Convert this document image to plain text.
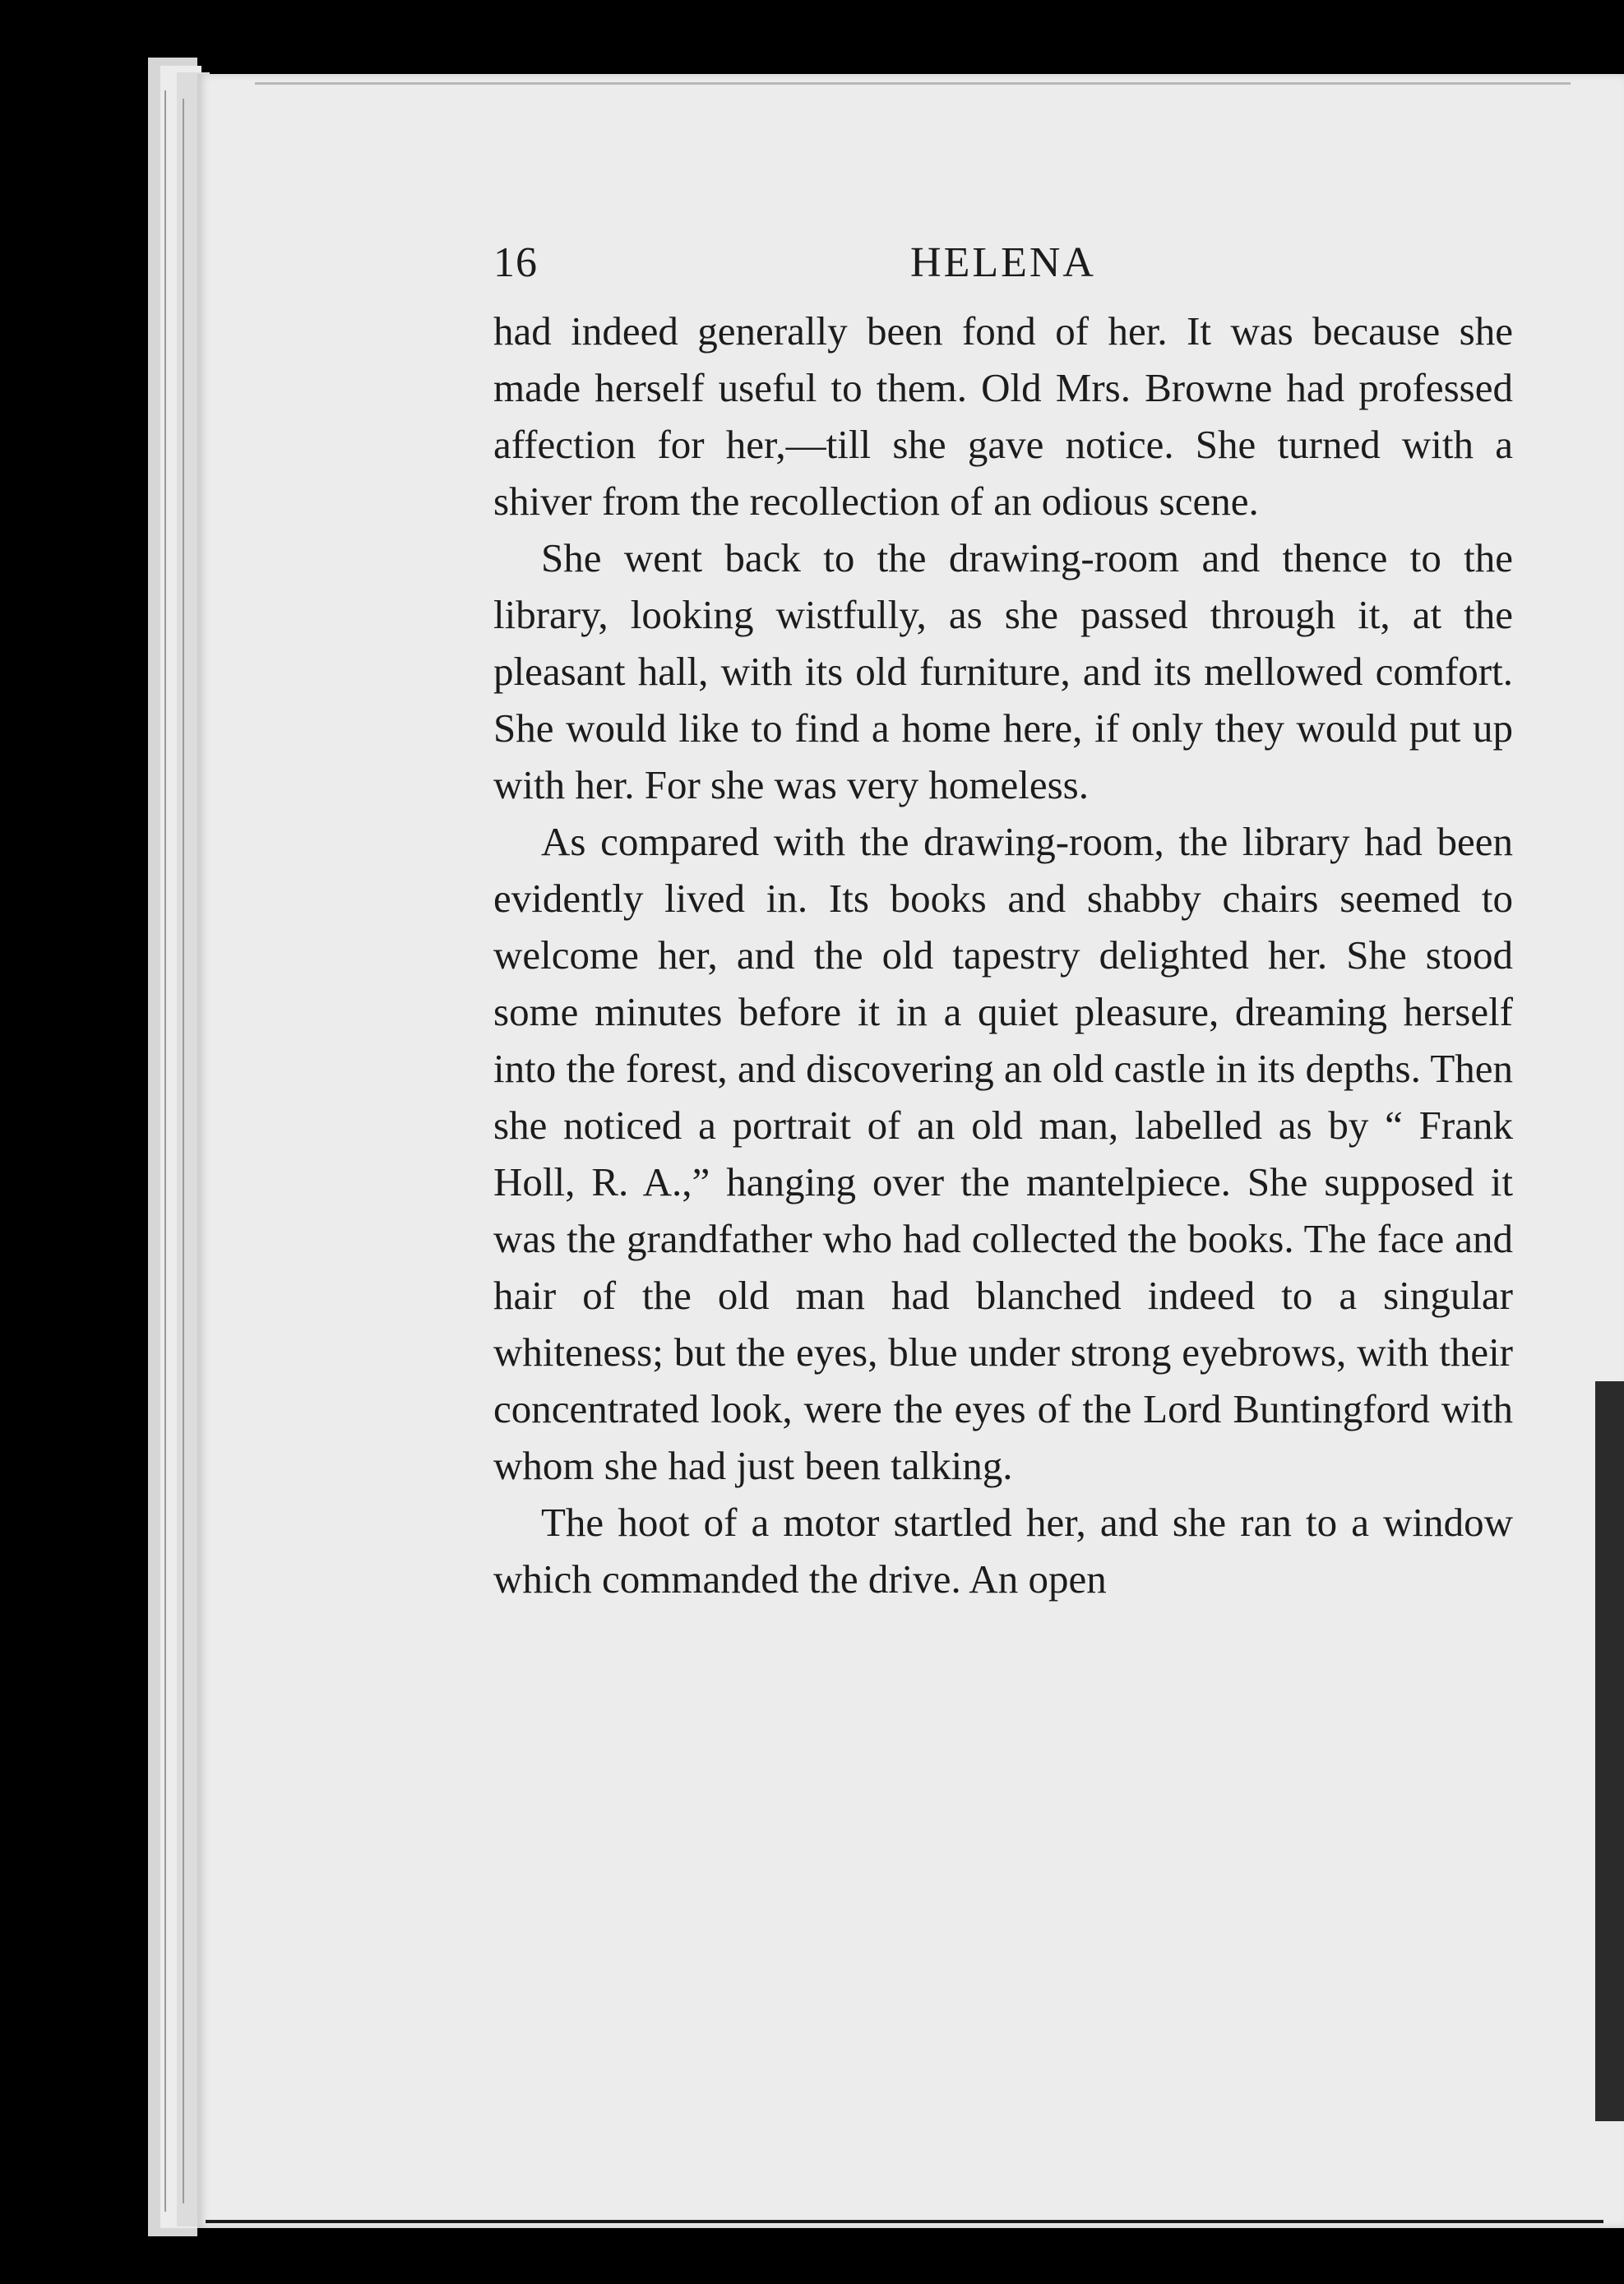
16	HELENA

had indeed generally been fond of her. It was because she made herself useful to them. Old Mrs. Browne had professed affection for her,—till she gave notice. She turned with a shiver from the recollection of an odious scene.

She went back to the drawing-room and thence to the library, looking wistfully, as she passed through it, at the pleasant hall, with its old furniture, and its mellowed comfort. She would like to find a home here, if only they would put up with her. For she was very homeless.

As compared with the drawing-room, the library had been evidently lived in. Its books and shabby chairs seemed to welcome her, and the old tapestry delighted her. She stood some minutes before it in a quiet pleasure, dreaming herself into the forest, and discovering an old castle in its depths. Then she noticed a portrait of an old man, labelled as by “ Frank Holl, R. A.,” hanging over the mantelpiece. She supposed it was the grandfather who had collected the books. The face and hair of the old man had blanched indeed to a singular whiteness; but the eyes, blue under strong eyebrows, with their concentrated look, were the eyes of the Lord Buntingford with whom she had just been talking.

The hoot of a motor startled her, and she ran to a window which commanded the drive. An open
